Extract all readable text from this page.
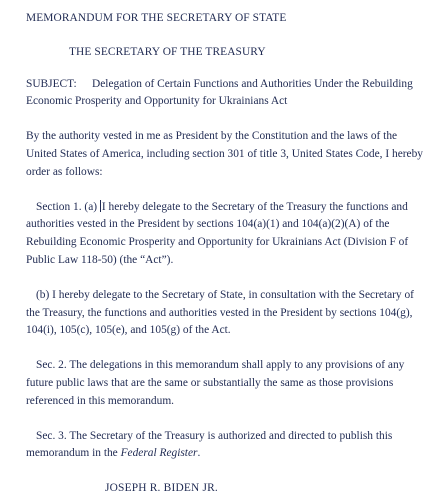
MEMORANDUM FOR THE SECRETARY OF STATE

THE SECRETARY OF THE TREASURY

SUBJECT: Delegation of Certain Functions and Authorities Under the Rebuilding Economic Prosperity and Opportunity for Ukrainians Act

By the authority vested in me as President by the Constitution and the laws of the United States of America, including section 301 of title 3, United States Code, I hereby order as follows:

Section 1. (a) I hereby delegate to the Secretary of the Treasury the functions and authorities vested in the President by sections 104(a)(1) and 104(a)(2)(A) of the Rebuilding Economic Prosperity and Opportunity for Ukrainians Act (Division F of Public Law 118-50) (the “Act”).

(b) I hereby delegate to the Secretary of State, in consultation with the Secretary of the Treasury, the functions and authorities vested in the President by sections 104(g), 104(i), 105(c), 105(e), and 105(g) of the Act.

Sec. 2. The delegations in this memorandum shall apply to any provisions of any future public laws that are the same or substantially the same as those provisions referenced in this memorandum.

Sec. 3. The Secretary of the Treasury is authorized and directed to publish this memorandum in the Federal Register.

JOSEPH R. BIDEN JR.
